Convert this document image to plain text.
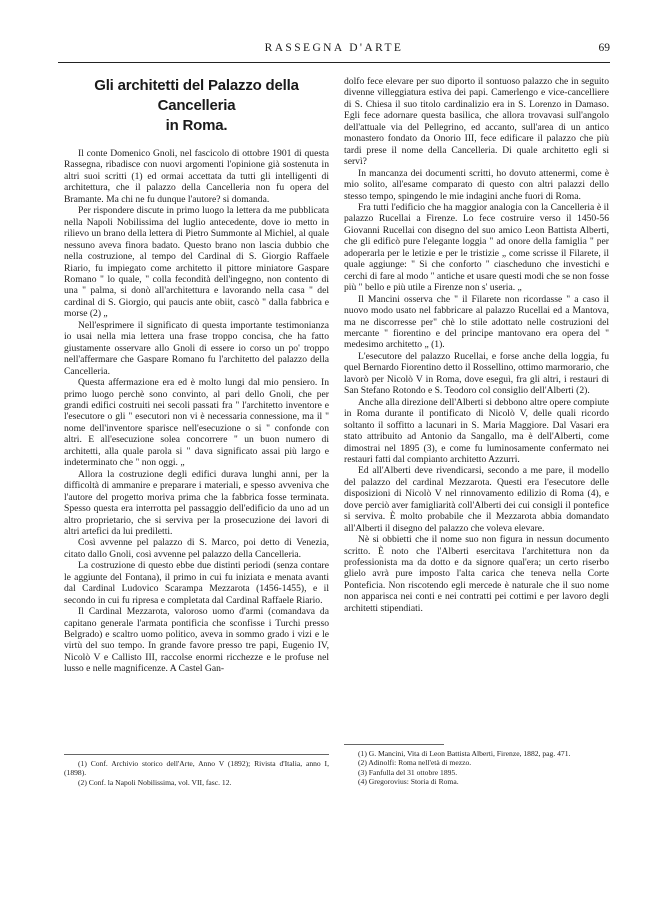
RASSEGNA D'ARTE	69
Gli architetti del Palazzo della Cancelleria
in Roma.

Il conte Domenico Gnoli, nel fascicolo di ottobre 1901 di questa Rassegna, ribadisce con nuovi argomenti l'opinione già sostenuta in altri suoi scritti (1) ed ormai accettata da tutti gli intelligenti di architettura, che il palazzo della Cancelleria non fu opera del Bramante. Ma chi ne fu dunque l'autore? si domanda.

Per rispondere discute in primo luogo la lettera da me pubblicata nella Napoli Nobilissima del luglio antecedente, dove io metto in rilievo un brano della lettera di Pietro Summonte al Michiel, al quale nessuno aveva finora badato. Questo brano non lascia dubbio che nella costruzione, al tempo del Cardinal di S. Giorgio Raffaele Riario, fu impiegato come architetto il pittore miniatore Gaspare Romano " lo quale, " colla fecondità dell'ingegno, non contento di una " palma, si donò all'architettura e lavorando nella casa " del cardinal di S. Giorgio, qui paucis ante obiit, cascò " dalla fabbrica e morse (2) „

Nell'esprimere il significato di questa importante testimonianza io usai nella mia lettera una frase troppo concisa, che ha fatto giustamente osservare allo Gnoli di essere io corso un po' troppo nell'affermare che Gaspare Romano fu l'architetto del palazzo della Cancelleria.

Questa affermazione era ed è molto lungi dal mio pensiero. In primo luogo perchè sono convinto, al pari dello Gnoli, che per grandi edifici costruiti nei secoli passati fra " l'architetto inventore e l'esecutore o gli " esecutori non vi è necessaria connessione, ma il " nome dell'inventore sparisce nell'esecuzione o si " confonde con altri. E all'esecuzione solea concorrere " un buon numero di architetti, alla quale parola si " dava significato assai più largo e indeterminato che " non oggi. „

Allora la costruzione degli edifici durava lunghi anni, per la difficoltà di ammanire e preparare i materiali, e spesso avveniva che l'autore del progetto moriva prima che la fabbrica fosse terminata. Spesso questa era interrotta pel passaggio dell'edificio da uno ad un altro proprietario, che si serviva per la prosecuzione dei lavori di altri artefici da lui prediletti.

Così avvenne pel palazzo di S. Marco, poi detto di Venezia, citato dallo Gnoli, così avvenne pel palazzo della Cancelleria.

La costruzione di questo ebbe due distinti periodi (senza contare le aggiunte del Fontana), il primo in cui fu iniziata e menata avanti dal Cardinal Ludovico Scarampa Mezzarota (1456-1455), e il secondo in cui fu ripresa e completata dal Cardinal Raffaele Riario.

Il Cardinal Mezzarota, valoroso uomo d'armi (comandava da capitano generale l'armata pontificia che sconfisse i Turchi presso Belgrado) e scaltro uomo politico, aveva in sommo grado i vizi e le virtù del suo tempo. In grande favore presso tre papi, Eugenio IV, Nicolò V e Callisto III, raccolse enormi ricchezze e le profuse nel lusso e nelle magnificenze. A Castel Gan-

dolfo fece elevare per suo diporto il sontuoso palazzo che in seguito divenne villeggiatura estiva dei papi. Camerlengo e vice-cancelliere di S. Chiesa il suo titolo cardinalizio era in S. Lorenzo in Damaso. Egli fece adornare questa basilica, che allora trovavasi sull'angolo dell'attuale via del Pellegrino, ed accanto, sull'area di un antico monastero fondato da Onorio III, fece edificare il palazzo che più tardi prese il nome della Cancelleria. Di quale architetto egli si servì?

In mancanza dei documenti scritti, ho dovuto attenermi, come è mio solito, all'esame comparato di questo con altri palazzi dello stesso tempo, spingendo le mie indagini anche fuori di Roma.

Fra tutti l'edificio che ha maggior analogia con la Cancelleria è il palazzo Rucellai a Firenze. Lo fece costruire verso il 1450-56 Giovanni Rucellai con disegno del suo amico Leon Battista Alberti, che gli edificò pure l'elegante loggia " ad onore della famiglia " per adoperarla per le letizie e per le tristizie „ come scrisse il Filarete, il quale aggiunge: " Si che conforto " ciascheduno che investichi e cerchi di fare al modo " antiche et usare questi modi che se non fosse più " bello e più utile a Firenze non s' useria. „

Il Mancini osserva che " il Filarete non ricordasse " a caso il nuovo modo usato nel fabbricare al palazzo Rucellai ed a Mantova, ma ne discorresse per" chè lo stile adottato nelle costruzioni del mercante " fiorentino e del principe mantovano era opera del " medesimo architetto „ (1).

L'esecutore del palazzo Rucellai, e forse anche della loggia, fu quel Bernardo Fiorentino detto il Rossellino, ottimo marmorario, che lavorò per Nicolò V in Roma, dove eseguì, fra gli altri, i restauri di San Stefano Rotondo e S. Teodoro col consiglio dell'Alberti (2).

Anche alla direzione dell'Alberti si debbono altre opere compiute in Roma durante il pontificato di Nicolò V, delle quali ricordo soltanto il soffitto a lacunari in S. Maria Maggiore. Dal Vasari era stato attribuito ad Antonio da Sangallo, ma è dell'Alberti, come dimostrai nel 1895 (3), e come fu luminosamente confermato nei restauri fatti dal compianto architetto Azzurri.

Ed all'Alberti deve rivendicarsi, secondo a me pare, il modello del palazzo del cardinal Mezzarota. Questi era l'esecutore delle disposizioni di Nicolò V nel rinnovamento edilizio di Roma (4), e dove perciò aver famigliarità coll'Alberti dei cui consigli il pontefice si serviva. È molto probabile che il Mezzarota abbia domandato all'Alberti il disegno del palazzo che voleva elevare.

Nè si obbietti che il nome suo non figura in nessun documento scritto. È noto che l'Alberti esercitava l'architettura non da professionista ma da dotto e da signore qual'era; un certo riserbo glielo avrà pure imposto l'alta carica che teneva nella Corte Ponteficia. Non riscotendo egli mercede è naturale che il suo nome non apparisca nei conti e nei contratti pei cottimi e per lavoro degli architetti stipendiati.

(1) Conf. Archivio storico dell'Arte, Anno V (1892); Rivista d'Italia, anno I, (1898).

(2) Conf. la Napoli Nobilissima, vol. VII, fasc. 12.

(1) G. Mancini, Vita di Leon Battista Alberti, Firenze, 1882, pag. 471.

(2) Adinolfi: Roma nell'età di mezzo.

(3) Fanfulla del 31 ottobre 1895.

(4) Gregorovius: Storia di Roma.
